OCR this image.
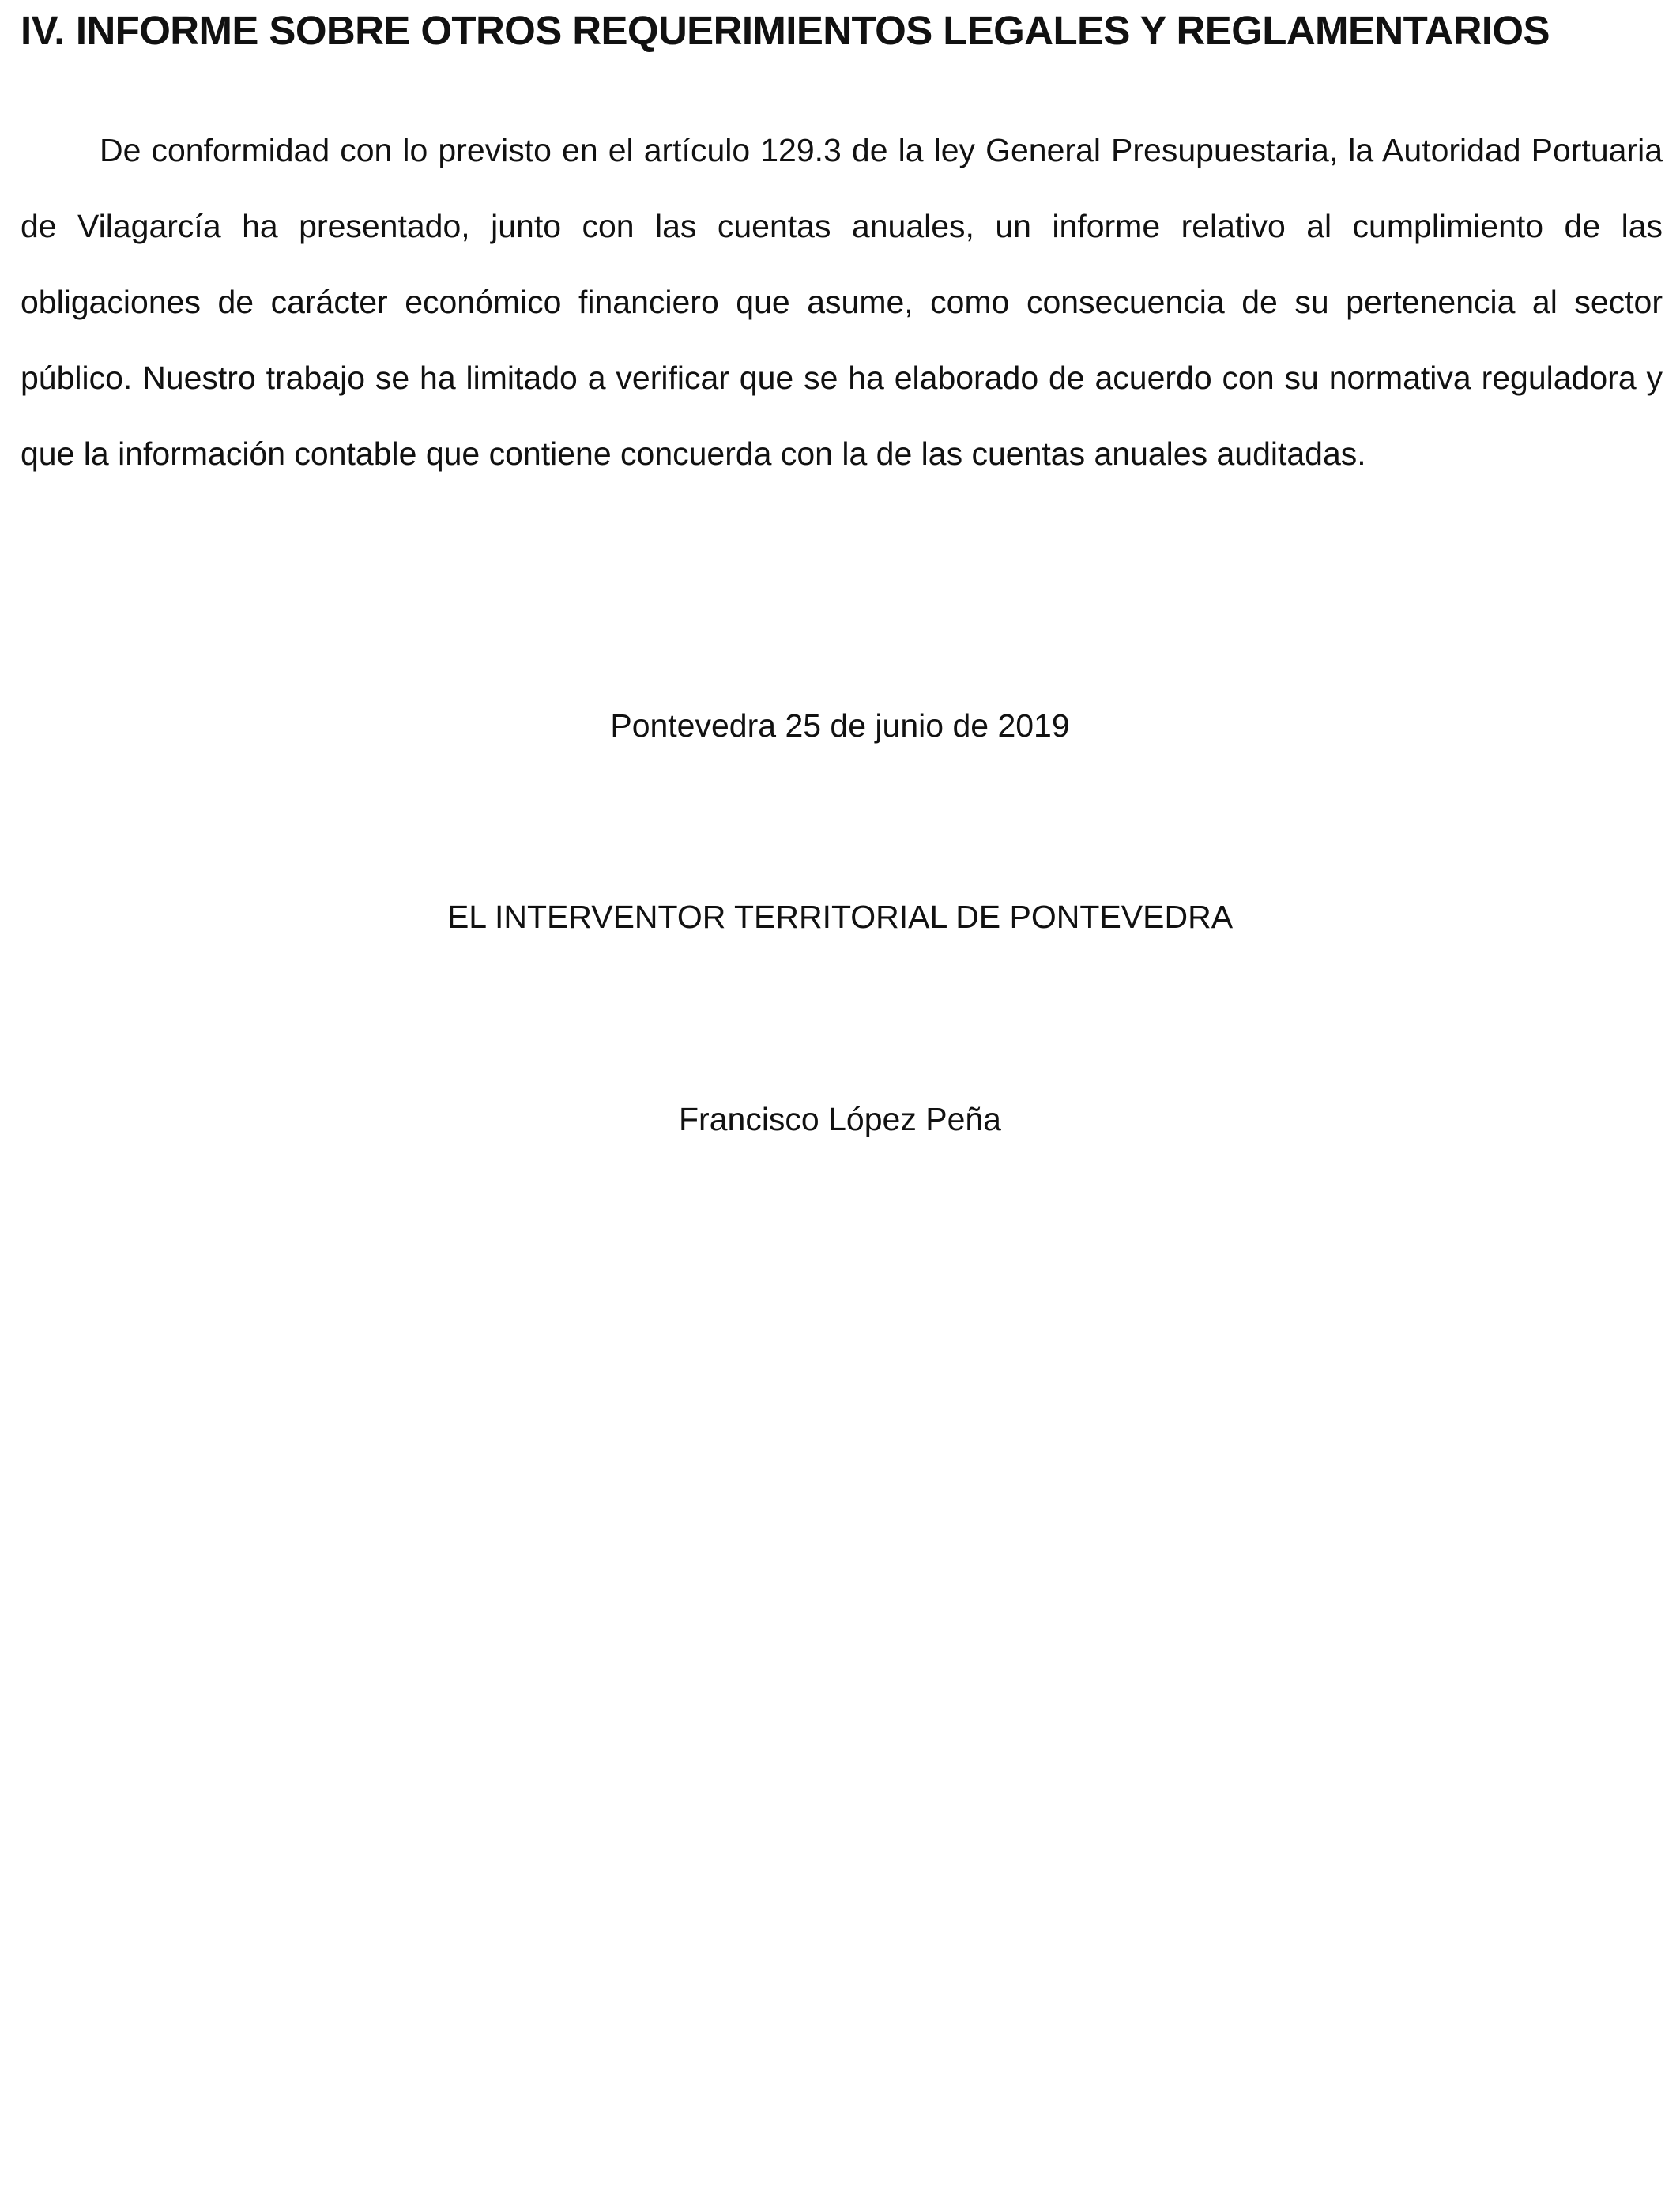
IV. INFORME SOBRE OTROS REQUERIMIENTOS LEGALES Y REGLAMENTARIOS

De conformidad con lo previsto en el artículo 129.3 de la ley General Presupuestaria, la Autoridad Portuaria de Vilagarcía ha presentado, junto con las cuentas anuales, un informe relativo al cumplimiento de las obligaciones de carácter económico financiero que asume, como consecuencia de su pertenencia al sector público. Nuestro trabajo se ha limitado a verificar que se ha elaborado de acuerdo con su normativa reguladora y que la información contable que contiene concuerda con la de las cuentas anuales auditadas.

Pontevedra 25 de junio de 2019

EL INTERVENTOR TERRITORIAL DE PONTEVEDRA

Francisco López Peña
